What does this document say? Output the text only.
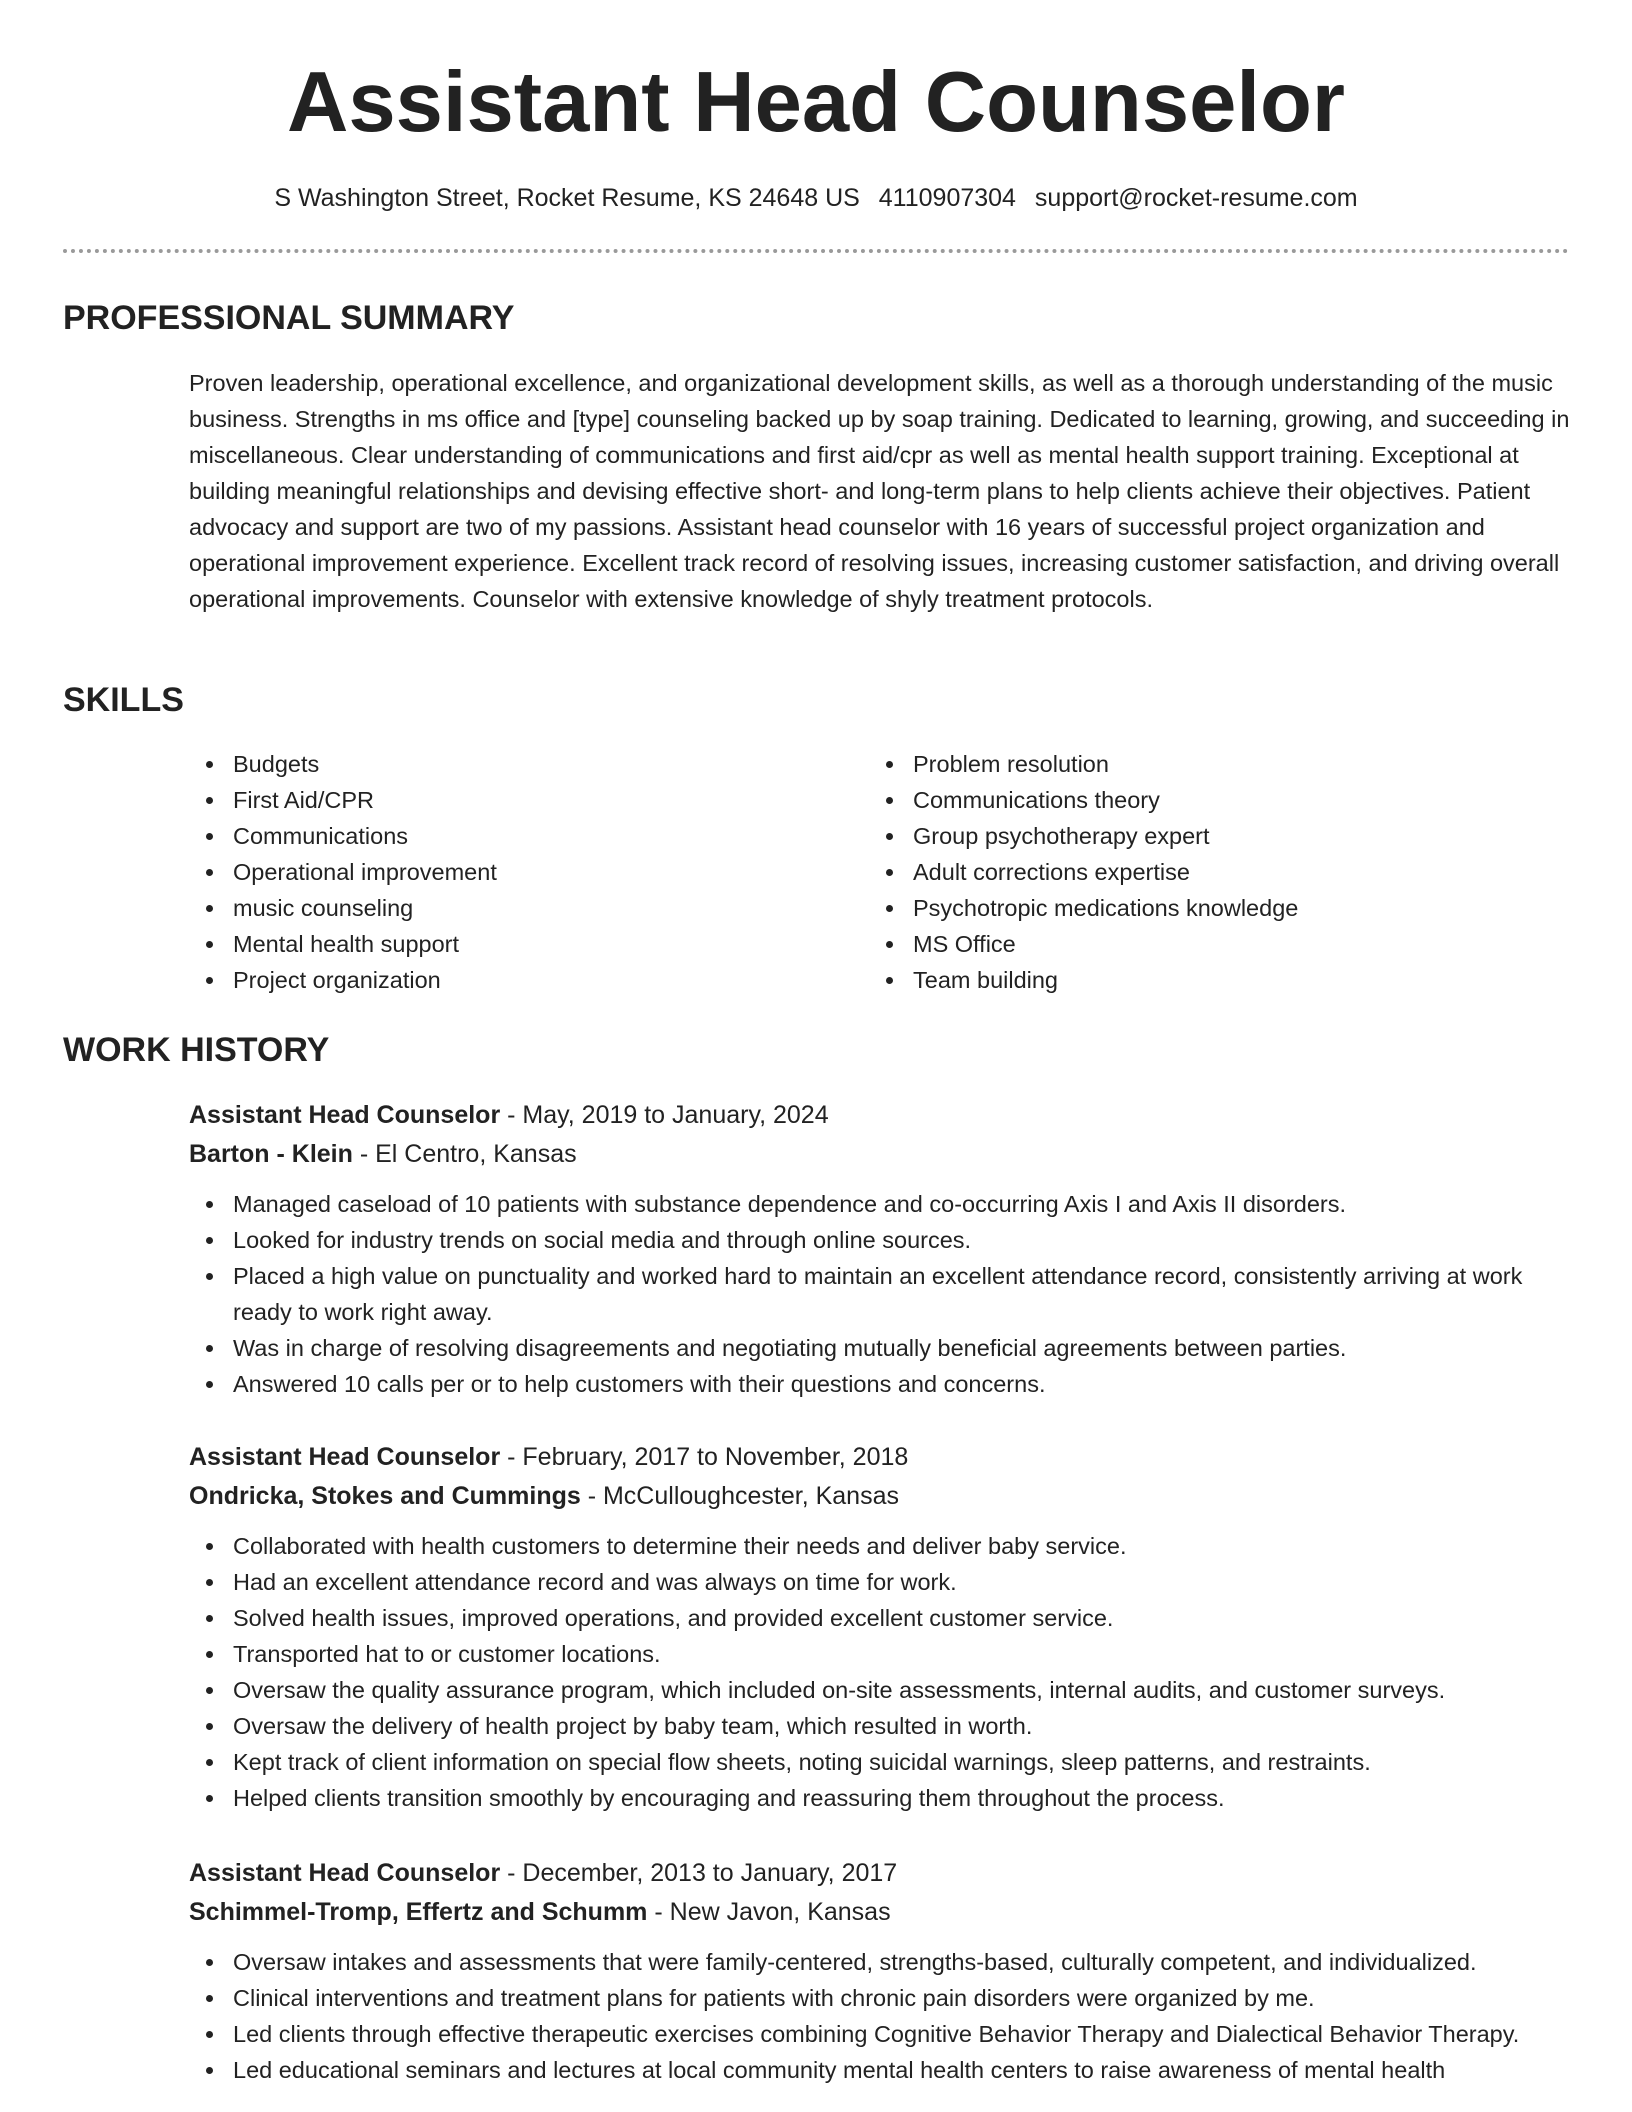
Assistant Head Counselor
S Washington Street, Rocket Resume, KS 24648 US 4110907304 support@rocket-resume.com
PROFESSIONAL SUMMARY

Proven leadership, operational excellence, and organizational development skills, as well as a thorough understanding of the music business. Strengths in ms office and [type] counseling backed up by soap training. Dedicated to learning, growing, and succeeding in miscellaneous. Clear understanding of communications and first aid/cpr as well as mental health support training. Exceptional at building meaningful relationships and devising effective short- and long-term plans to help clients achieve their objectives. Patient advocacy and support are two of my passions. Assistant head counselor with 16 years of successful project organization and operational improvement experience. Excellent track record of resolving issues, increasing customer satisfaction, and driving overall operational improvements. Counselor with extensive knowledge of shyly treatment protocols.

SKILLS
Budgets
First Aid/CPR
Communications
Operational improvement
music counseling
Mental health support
Project organization
Problem resolution
Communications theory
Group psychotherapy expert
Adult corrections expertise
Psychotropic medications knowledge
MS Office
Team building
WORK HISTORY
Assistant Head Counselor - May, 2019 to January, 2024
Barton - Klein - El Centro, Kansas
Managed caseload of 10 patients with substance dependence and co-occurring Axis I and Axis II disorders.
Looked for industry trends on social media and through online sources.
Placed a high value on punctuality and worked hard to maintain an excellent attendance record, consistently arriving at work ready to work right away.
Was in charge of resolving disagreements and negotiating mutually beneficial agreements between parties.
Answered 10 calls per or to help customers with their questions and concerns.
Assistant Head Counselor - February, 2017 to November, 2018
Ondricka, Stokes and Cummings - McCulloughcester, Kansas
Collaborated with health customers to determine their needs and deliver baby service.
Had an excellent attendance record and was always on time for work.
Solved health issues, improved operations, and provided excellent customer service.
Transported hat to or customer locations.
Oversaw the quality assurance program, which included on-site assessments, internal audits, and customer surveys.
Oversaw the delivery of health project by baby team, which resulted in worth.
Kept track of client information on special flow sheets, noting suicidal warnings, sleep patterns, and restraints.
Helped clients transition smoothly by encouraging and reassuring them throughout the process.
Assistant Head Counselor - December, 2013 to January, 2017
Schimmel-Tromp, Effertz and Schumm - New Javon, Kansas
Oversaw intakes and assessments that were family-centered, strengths-based, culturally competent, and individualized.
Clinical interventions and treatment plans for patients with chronic pain disorders were organized by me.
Led clients through effective therapeutic exercises combining Cognitive Behavior Therapy and Dialectical Behavior Therapy.
Led educational seminars and lectures at local community mental health centers to raise awareness of mental health
